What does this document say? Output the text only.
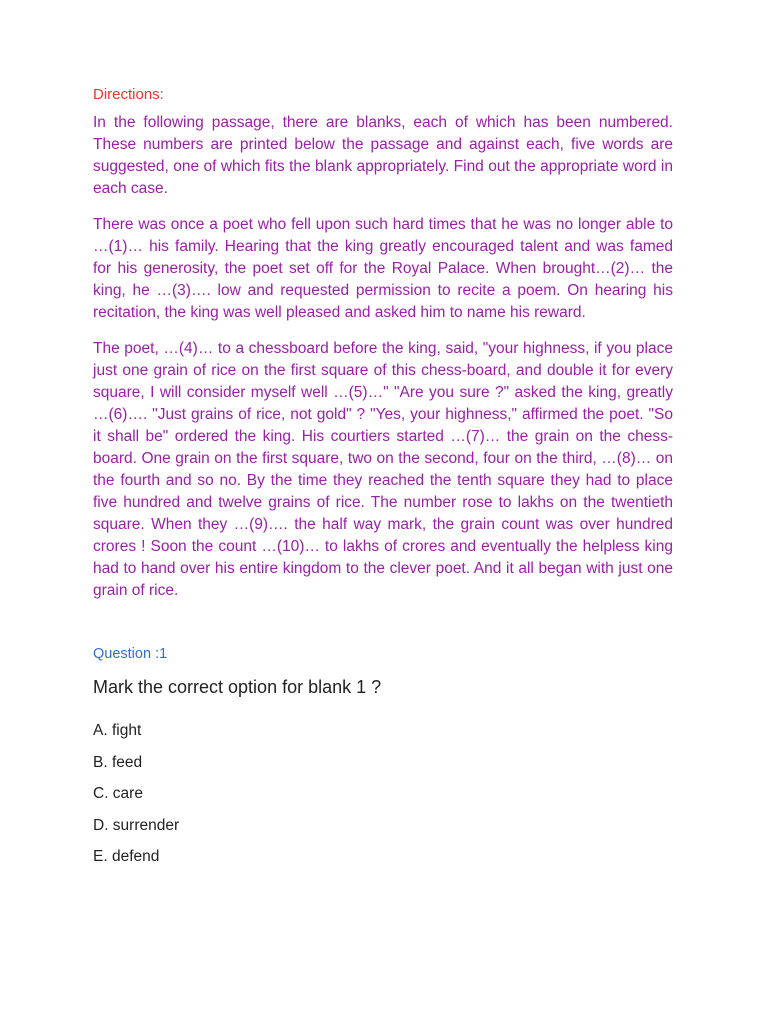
Directions:

In the following passage, there are blanks, each of which has been numbered. These numbers are printed below the passage and against each, five words are suggested, one of which fits the blank appropriately. Find out the appropriate word in each case.

There was once a poet who fell upon such hard times that he was no longer able to …(1)… his family. Hearing that the king greatly encouraged talent and was famed for his generosity, the poet set off for the Royal Palace. When brought…(2)… the king, he …(3)…. low and requested permission to recite a poem. On hearing his recitation, the king was well pleased and asked him to name his reward.

The poet, …(4)… to a chessboard before the king, said, "your highness, if you place just one grain of rice on the first square of this chess-board, and double it for every square, I will consider myself well …(5)…" "Are you sure ?" asked the king, greatly …(6)…. "Just grains of rice, not gold" ? "Yes, your highness," affirmed the poet. "So it shall be" ordered the king. His courtiers started …(7)… the grain on the chess-board. One grain on the first square, two on the second, four on the third, …(8)… on the fourth and so no. By the time they reached the tenth square they had to place five hundred and twelve grains of rice. The number rose to lakhs on the twentieth square. When they …(9)…. the half way mark, the grain count was over hundred crores ! Soon the count …(10)… to lakhs of crores and eventually the helpless king had to hand over his entire kingdom to the clever poet. And it all began with just one grain of rice.

Question :1
Mark the correct option for blank 1 ?
A. fight
B. feed
C. care
D. surrender
E. defend
